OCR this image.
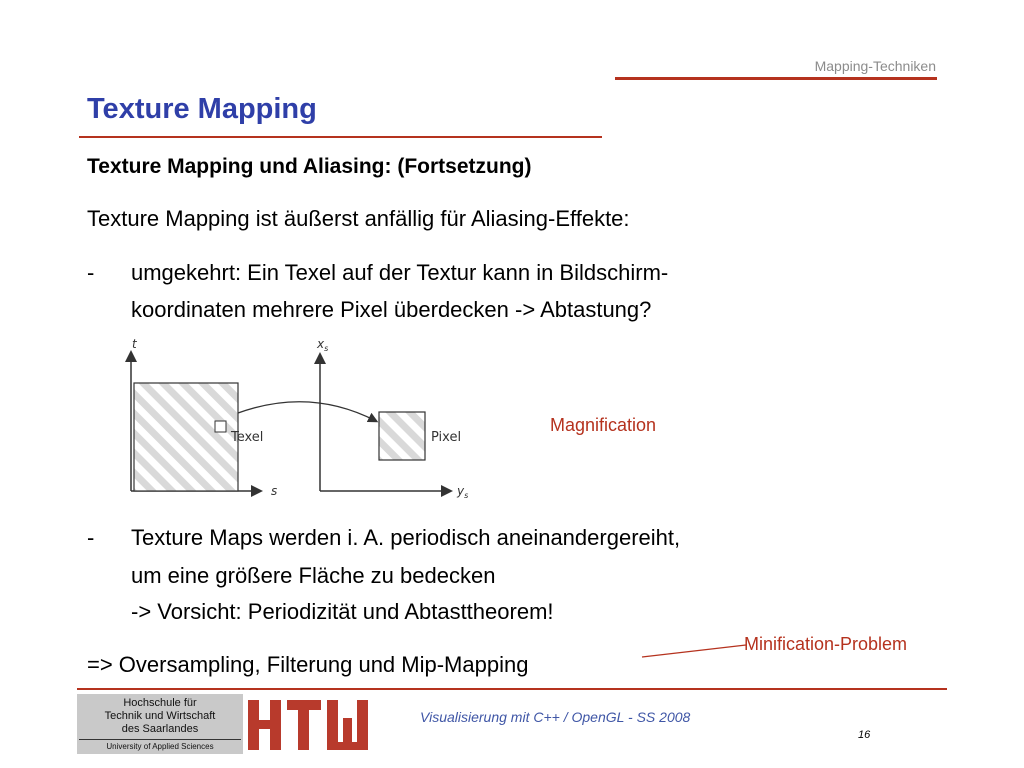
Mapping-Techniken
Texture Mapping
Texture Mapping und Aliasing: (Fortsetzung)
Texture Mapping ist äußerst anfällig für Aliasing-Effekte:
- umgekehrt: Ein Texel auf der Textur kann in Bildschirm-
koordinaten mehrere Pixel überdecken -> Abtastung?
t
s
Texel
$x_s$
$y_s$
Pixel
Magnification
- Texture Maps werden i. A. periodisch aneinandergereiht,
um eine größere Fläche zu bedecken
-> Vorsicht: Periodizität und Abtasttheorem!
Minification-Problem
=> Oversampling, Filterung und Mip-Mapping
Hochschule für
Technik und Wirtschaft
des Saarlandes
University of Applied Sciences
Visualisierung mit C++ / OpenGL - SS 2008
16
